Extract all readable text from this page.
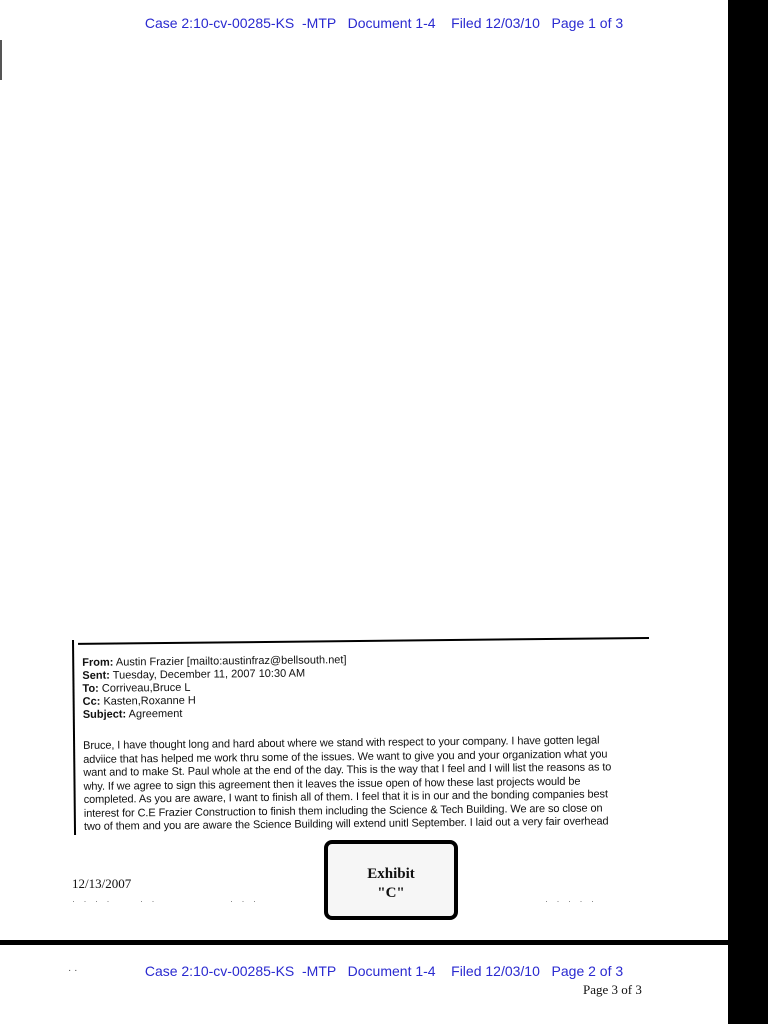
Case 2:10-cv-00285-KS  -MTP   Document 1-4    Filed 12/03/10   Page 1 of 3
From: Austin Frazier [mailto:austinfraz@bellsouth.net]
Sent: Tuesday, December 11, 2007 10:30 AM
To: Corriveau,Bruce L
Cc: Kasten,Roxanne H
Subject: Agreement
Bruce, I have thought long and hard about where we stand with respect to your company. I have gotten legal
adviice that has helped me work thru some of the issues. We want to give you and your organization what you
want and to make St. Paul whole at the end of the day. This is the way that I feel and I will list the reasons as to
why. If we agree to sign this agreement then it leaves the issue open of how these last projects would be
completed. As you are aware, I want to finish all of them. I feel that it is in our and the bonding companies best
interest for C.E Frazier Construction to finish them including the Science & Tech Building. We are so close on
two of them and you are aware the Science Building will extend unitl September. I laid out a very fair overhead
12/13/2007
Exhibit
"C"
· · · ·	· ·	· · ·	· · · · ·
· ·	Case 2:10-cv-00285-KS  -MTP   Document 1-4    Filed 12/03/10   Page 2 of 3
Page 3 of 3
